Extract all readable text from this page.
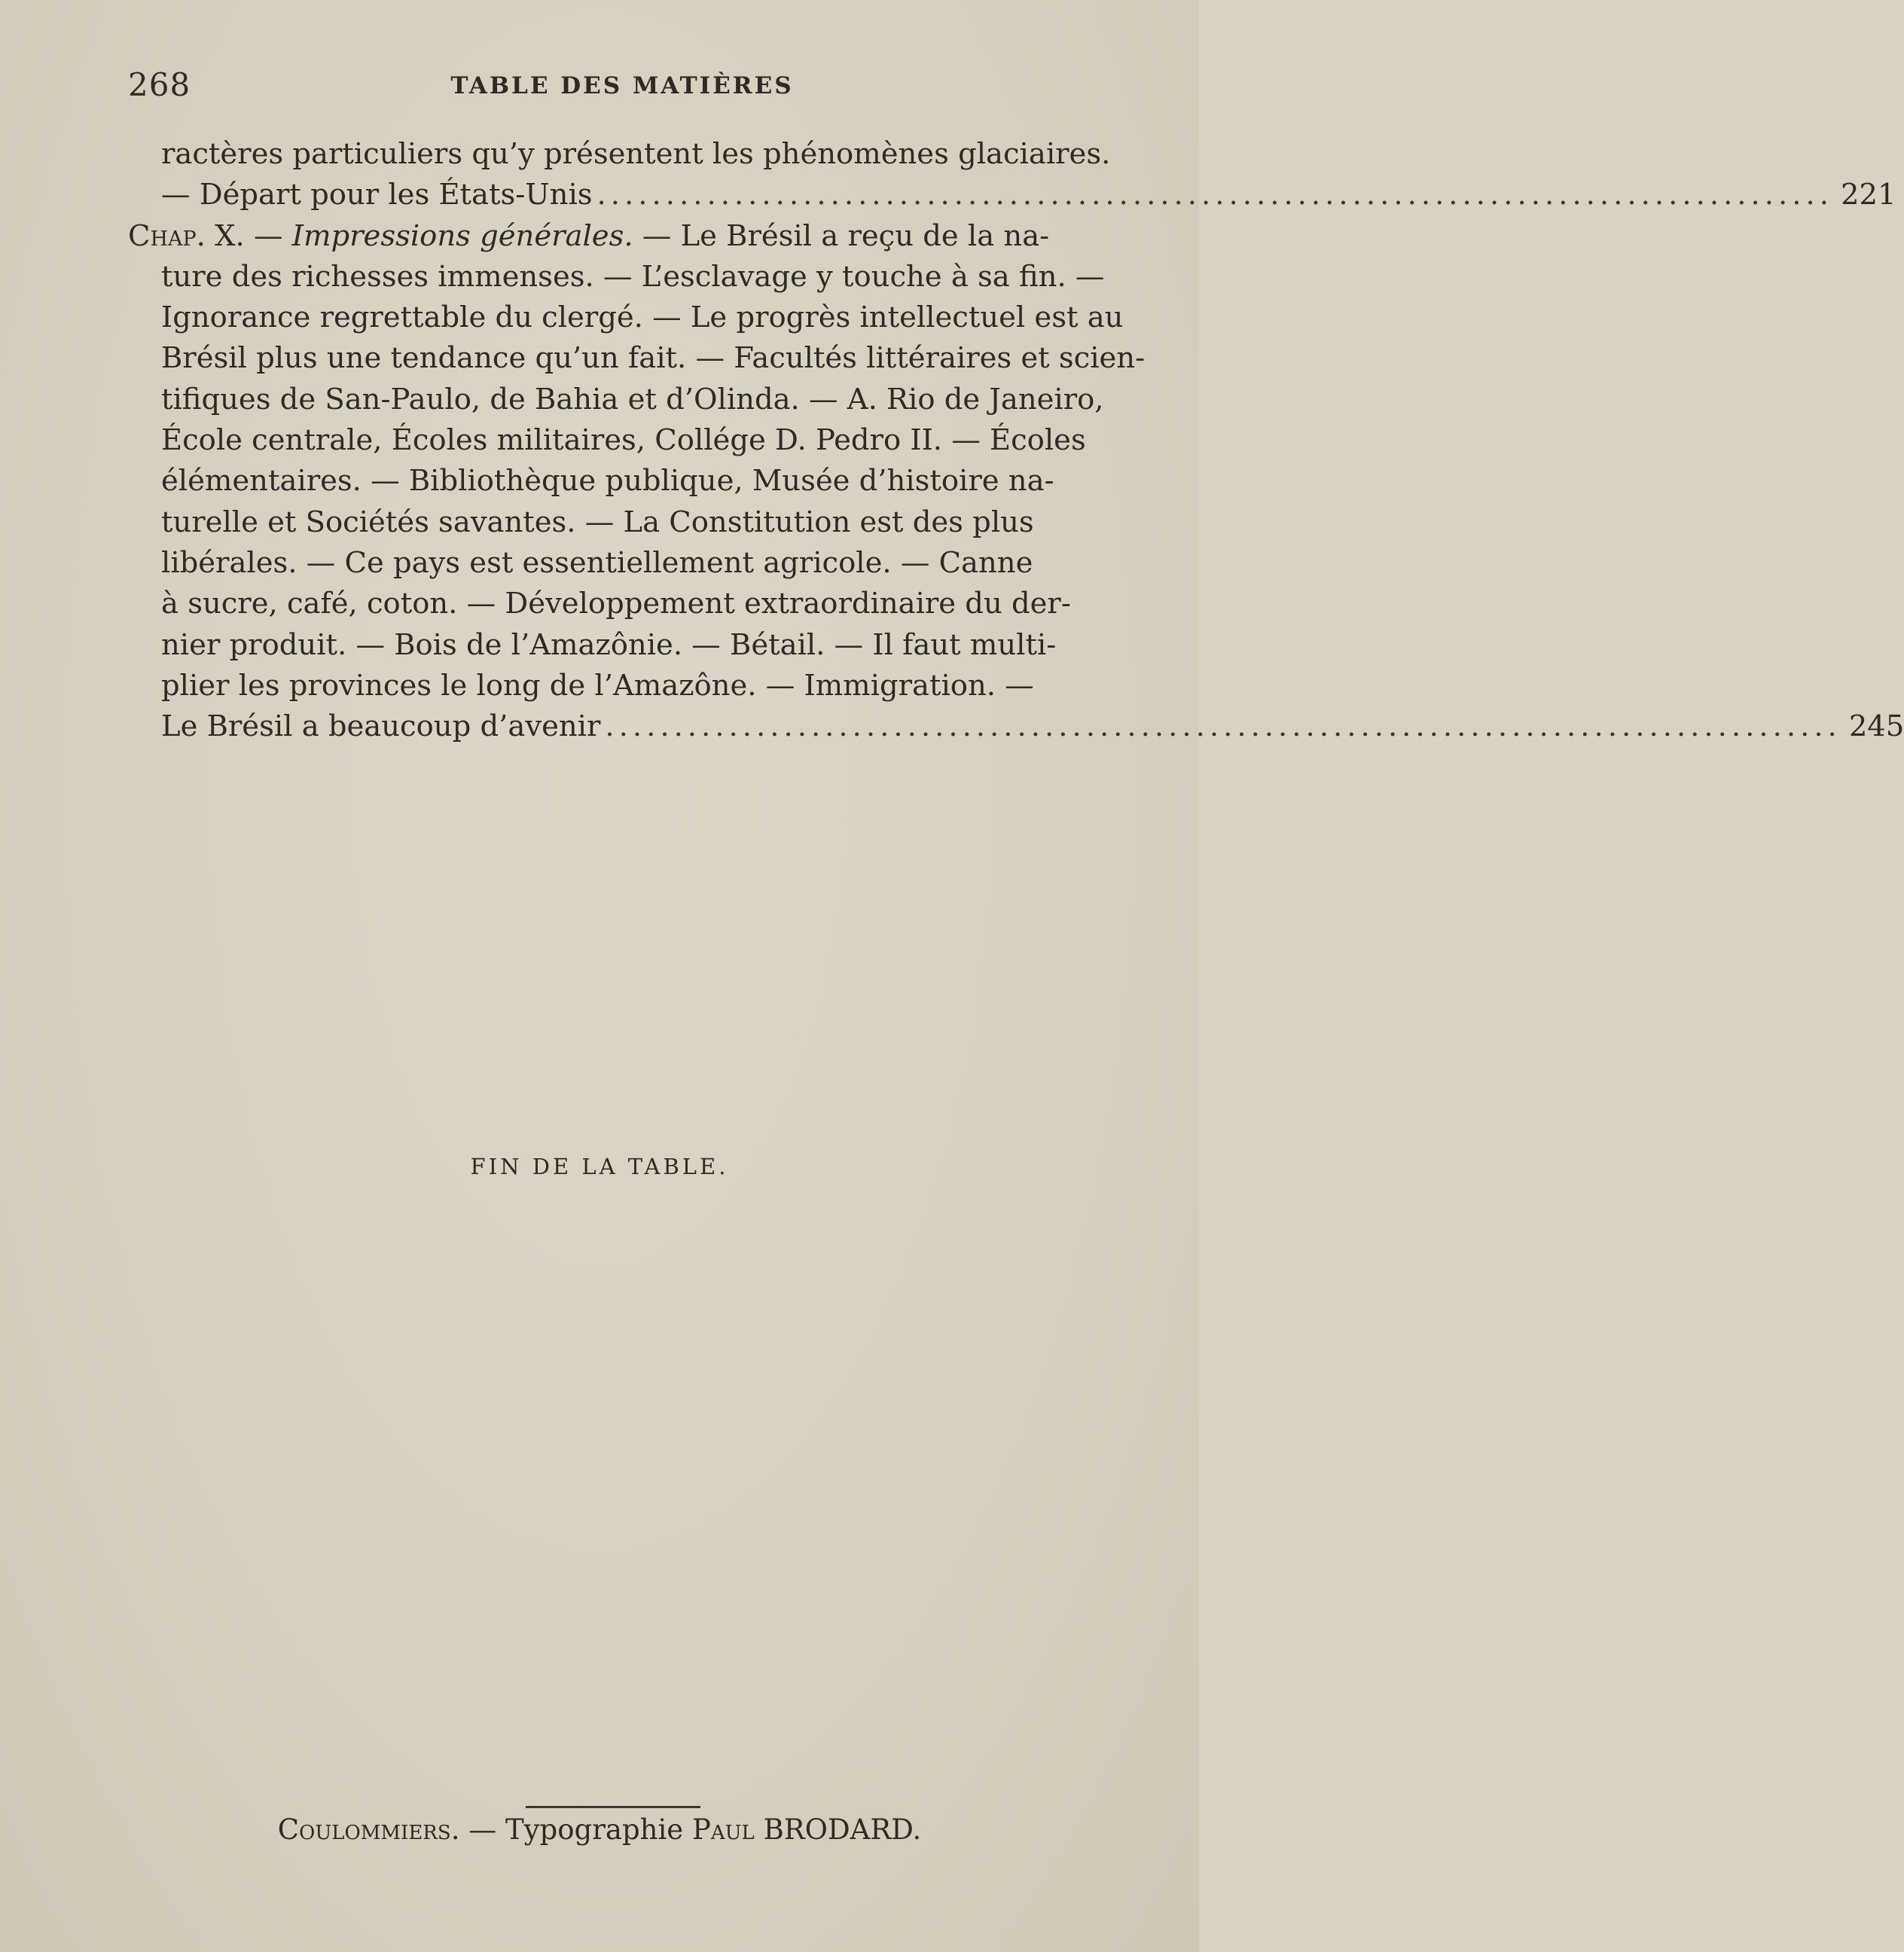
268	TABLE DES MATIÈRES
ractères particuliers qu’y présentent les phénomènes glaciaires.
— Départ pour les États-Unis .......................................................................................... 221
Chap. X. — Impressions générales. — Le Brésil a reçu de la na-
ture des richesses immenses. — L’esclavage y touche à sa fin. —
Ignorance regrettable du clergé. — Le progrès intellectuel est au
Brésil plus une tendance qu’un fait. — Facultés littéraires et scien-
tifiques de San-Paulo, de Bahia et d’Olinda. — A. Rio de Janeiro,
École centrale, Écoles militaires, Collége D. Pedro II. — Écoles
élémentaires. — Bibliothèque publique, Musée d’histoire na-
turelle et Sociétés savantes. — La Constitution est des plus
libérales. — Ce pays est essentiellement agricole. — Canne
à sucre, café, coton. — Développement extraordinaire du der-
nier produit. — Bois de l’Amazônie. — Bétail. — Il faut multi-
plier les provinces le long de l’Amazône. — Immigration. —
Le Brésil a beaucoup d’avenir .......................................................................................... 245
FIN DE LA TABLE.
Coulommiers. — Typographie Paul BRODARD.
